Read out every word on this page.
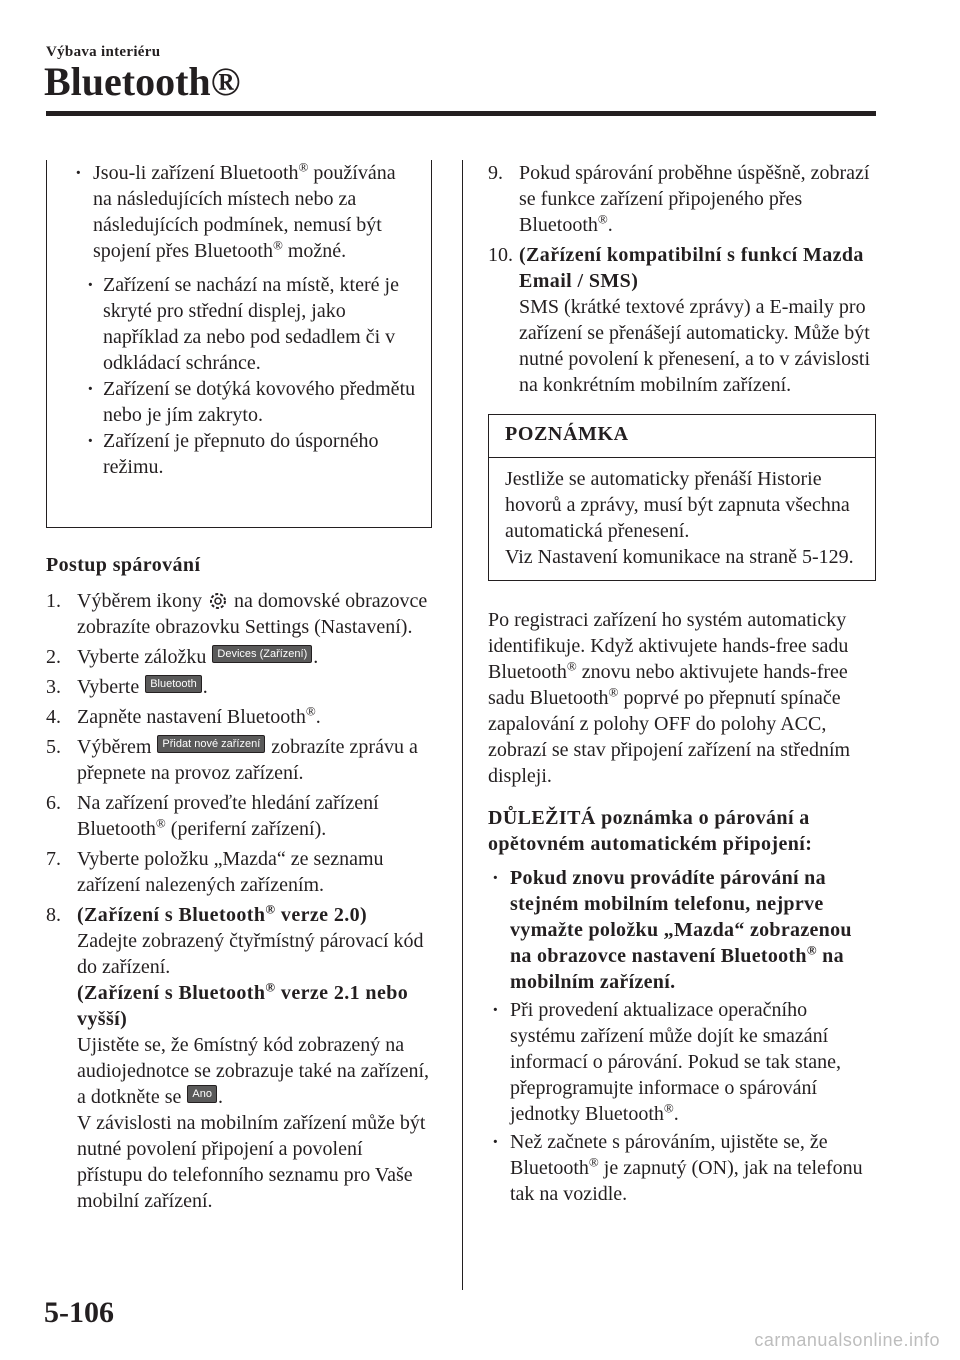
Výbava interiéru
Bluetooth®
· Jsou-li zařízení Bluetooth® používána na následujících místech nebo za následujících podmínek, nemusí být spojení přes Bluetooth® možné.
· Zařízení se nachází na místě, které je skryté pro střední displej, jako například za nebo pod sedadlem či v odkládací schránce.
· Zařízení se dotýká kovového předmětu nebo je jím zakryto.
· Zařízení je přepnuto do úsporného režimu.
Postup spárování
1. Výběrem ikony na domovské obrazovce zobrazíte obrazovku Settings (Nastavení).
2. Vyberte záložku Devices (Zařízení) .
3. Vyberte Bluetooth .
4. Zapněte nastavení Bluetooth®.
5. Výběrem Přidat nové zařízení zobrazíte zprávu a přepnete na provoz zařízení.
6. Na zařízení proveďte hledání zařízení Bluetooth® (periferní zařízení).
7. Vyberte položku „Mazda“ ze seznamu zařízení nalezených zařízením.
8. (Zařízení s Bluetooth® verze 2.0)
Zadejte zobrazený čtyřmístný párovací kód do zařízení.
(Zařízení s Bluetooth® verze 2.1 nebo vyšší)
Ujistěte se, že 6místný kód zobrazený na audiojednotce se zobrazuje také na zařízení, a dotkněte se Ano .
V závislosti na mobilním zařízení může být nutné povolení připojení a povolení přístupu do telefonního seznamu pro Vaše mobilní zařízení.
9. Pokud spárování proběhne úspěšně, zobrazí se funkce zařízení připojeného přes Bluetooth®.
10. (Zařízení kompatibilní s funkcí Mazda Email / SMS)
SMS (krátké textové zprávy) a E-maily pro zařízení se přenášejí automaticky. Může být nutné povolení k přenesení, a to v závislosti na konkrétním mobilním zařízení.
POZNÁMKA
Jestliže se automaticky přenáší Historie hovorů a zprávy, musí být zapnuta všechna automatická přenesení.
Viz Nastavení komunikace na straně 5-129.
Po registraci zařízení ho systém automaticky identifikuje. Když aktivujete hands-free sadu Bluetooth® znovu nebo aktivujete hands-free sadu Bluetooth® poprvé po přepnutí spínače zapalování z polohy OFF do polohy ACC, zobrazí se stav připojení zařízení na středním displeji.
DŮLEŽITÁ poznámka o párování a opětovném automatickém připojení:
· Pokud znovu provádíte párování na stejném mobilním telefonu, nejprve vymažte položku „Mazda“ zobrazenou na obrazovce nastavení Bluetooth® na mobilním zařízení.
· Při provedení aktualizace operačního systému zařízení může dojít ke smazání informací o párování. Pokud se tak stane, přeprogramujte informace o spárování jednotky Bluetooth®.
· Než začnete s párováním, ujistěte se, že Bluetooth® je zapnutý (ON), jak na telefonu tak na vozidle.
5-106
carmanualsonline.info
